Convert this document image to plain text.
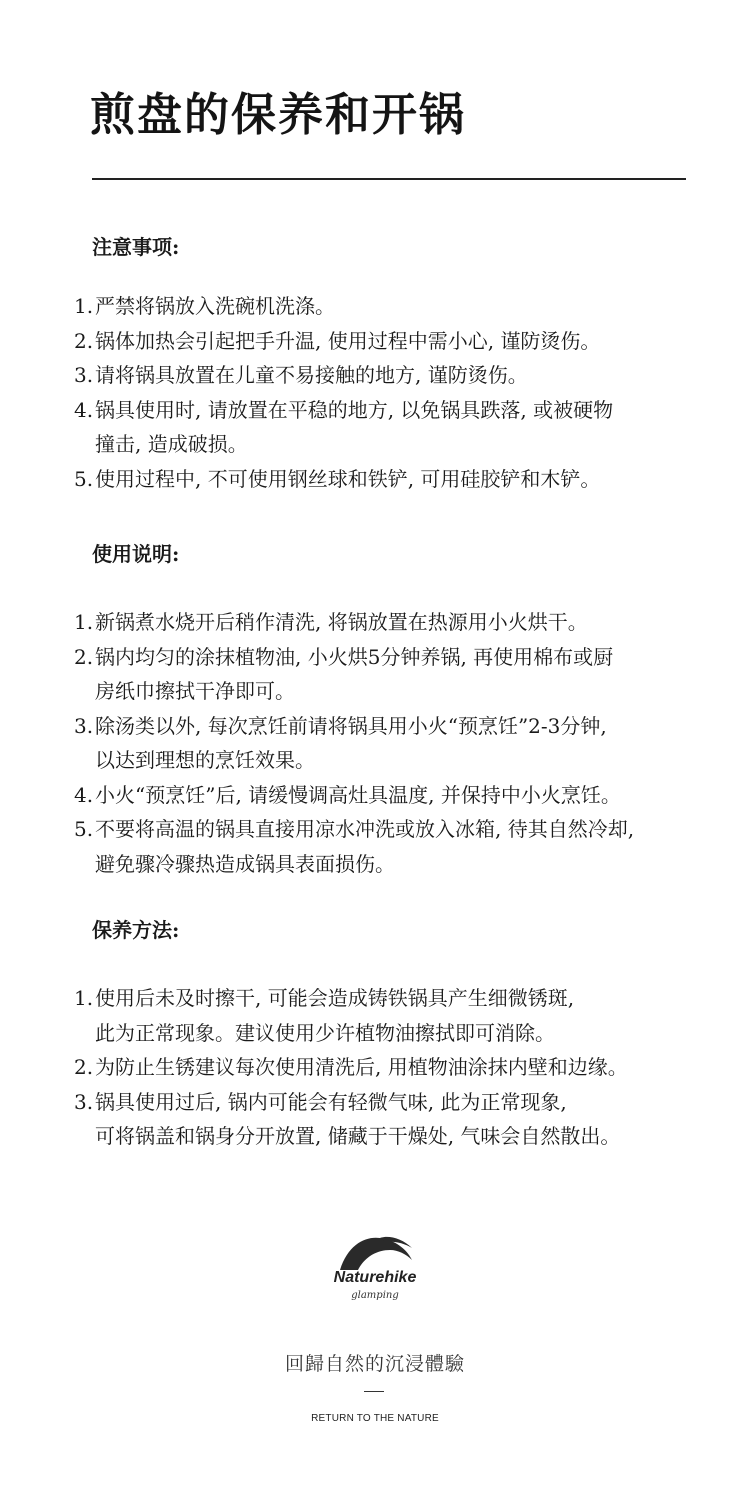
煎盘的保养和开锅
注意事项:
1. 严禁将锅放入洗碗机洗涤。
2. 锅体加热会引起把手升温, 使用过程中需小心, 谨防烫伤。
3. 请将锅具放置在儿童不易接触的地方, 谨防烫伤。
4. 锅具使用时, 请放置在平稳的地方, 以免锅具跌落, 或被硬物
撞击, 造成破损。
5. 使用过程中, 不可使用钢丝球和铁铲, 可用硅胶铲和木铲。
使用说明:
1. 新锅煮水烧开后稍作清洗, 将锅放置在热源用小火烘干。
2. 锅内均匀的涂抹植物油, 小火烘5分钟养锅, 再使用棉布或厨
房纸巾擦拭干净即可。
3. 除汤类以外, 每次烹饪前请将锅具用小火“预烹饪”2-3分钟,
以达到理想的烹饪效果。
4. 小火“预烹饪”后, 请缓慢调高灶具温度, 并保持中小火烹饪。
5. 不要将高温的锅具直接用凉水冲洗或放入冰箱, 待其自然冷却,
避免骤冷骤热造成锅具表面损伤。
保养方法:
1. 使用后未及时擦干, 可能会造成铸铁锅具产生细微锈斑,
此为正常现象。建议使用少许植物油擦拭即可消除。
2. 为防止生锈建议每次使用清洗后, 用植物油涂抹内壁和边缘。
3. 锅具使用过后, 锅内可能会有轻微气味, 此为正常现象,
可将锅盖和锅身分开放置, 储藏于干燥处, 气味会自然散出。
Naturehike
glamping
回歸自然的沉浸體驗
RETURN TO THE NATURE
